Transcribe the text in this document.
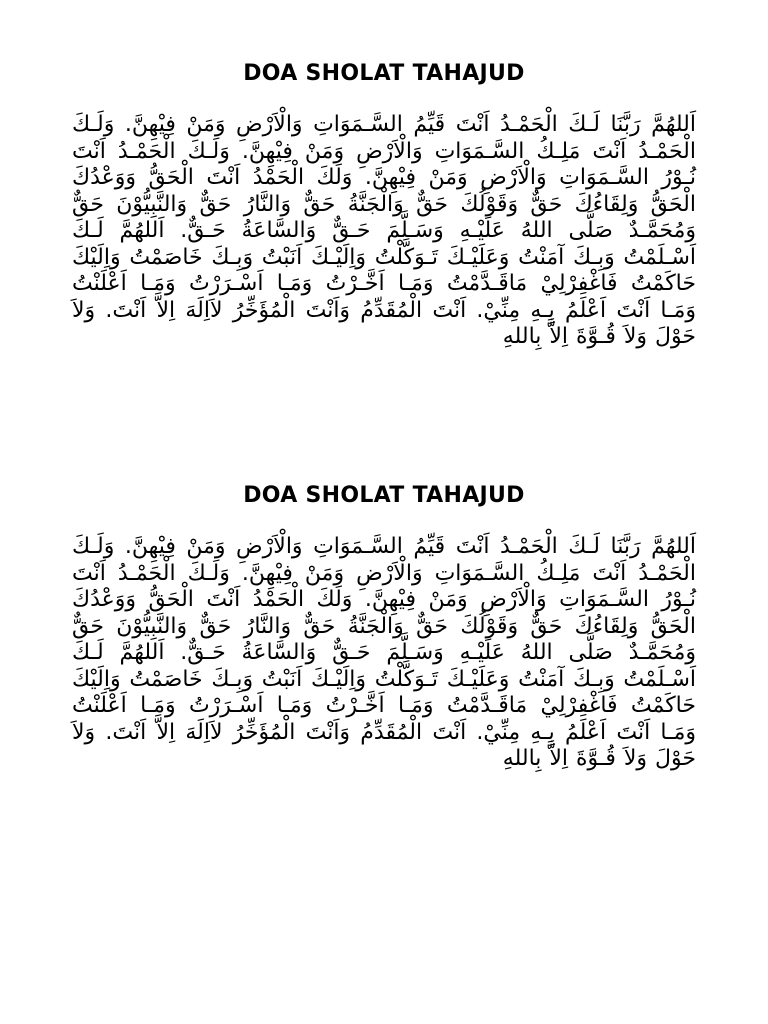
DOA SHOLAT TAHAJUD

اَللهُمَّ رَبَّنَا لَـكَ الْحَمْـدُ اَنْتَ قَيِّمُ السَّـمَوَاتِ وَالْاَرْضِ وَمَنْ فِيْهِنَّ. وَلَـكَ الْحَمْـدُ اَنْتَ مَلِـكُ السَّـمَوَاتِ وَالْاَرْضِ وَمَنْ فِيْهِنَّ. وَلَـكَ الْحَمْـدُ اَنْتَ نُـوْرُ السَّـمَوَاتِ وَالْاَرْضِ وَمَنْ فِيْهِنَّ. وَلَكَ الْحَمْدُ اَنْتَ الْحَقُّ وَوَعْدُكَ الْحَقُّ وَلِقَاءُكَ حَقٌّ وَقَوْلُكَ حَقٌّ وَالْجَنَّةُ حَقٌّ وَالنَّارُ حَقٌّ وَالنَّبِيُّوْنَ حَقٌّ وَمُحَمَّـدٌ صَلَّى اللهُ عَلَيْـهِ وَسَـلَّمَ حَـقٌّ وَالسَّاعَةُ حَـقٌّ. اَللهُمَّ لَـكَ اَسْـلَمْتُ وَبِـكَ آمَنْتُ وَعَلَيْـكَ تَـوَكَّلْتُ وَاِلَيْـكَ اَنَبْتُ وَبِـكَ خَاصَمْتُ وَاِلَيْكَ حَاكَمْتُ فَاغْفِرْلِيْ مَاقَـدَّمْتُ وَمَـا اَخَّـرْتُ وَمَـا اَسْـرَرْتُ وَمَـا اَعْلَنْتُ وَمَـا اَنْتَ اَعْلَمُ بِـهِ مِنِّيْ. اَنْتَ الْمُقَدِّمُ وَاَنْتَ الْمُؤَخِّرُ لاَاِلَهَ اِلاَّ اَنْتَ. وَلاَ حَوْلَ وَلاَ قُـوَّةَ اِلاَّ بِاللهِ

DOA SHOLAT TAHAJUD

اَللهُمَّ رَبَّنَا لَـكَ الْحَمْـدُ اَنْتَ قَيِّمُ السَّـمَوَاتِ وَالْاَرْضِ وَمَنْ فِيْهِنَّ. وَلَـكَ الْحَمْـدُ اَنْتَ مَلِـكُ السَّـمَوَاتِ وَالْاَرْضِ وَمَنْ فِيْهِنَّ. وَلَـكَ الْحَمْـدُ اَنْتَ نُـوْرُ السَّـمَوَاتِ وَالْاَرْضِ وَمَنْ فِيْهِنَّ. وَلَكَ الْحَمْدُ اَنْتَ الْحَقُّ وَوَعْدُكَ الْحَقُّ وَلِقَاءُكَ حَقٌّ وَقَوْلُكَ حَقٌّ وَالْجَنَّةُ حَقٌّ وَالنَّارُ حَقٌّ وَالنَّبِيُّوْنَ حَقٌّ وَمُحَمَّـدٌ صَلَّى اللهُ عَلَيْـهِ وَسَـلَّمَ حَـقٌّ وَالسَّاعَةُ حَـقٌّ. اَللهُمَّ لَـكَ اَسْـلَمْتُ وَبِـكَ آمَنْتُ وَعَلَيْـكَ تَـوَكَّلْتُ وَاِلَيْـكَ اَنَبْتُ وَبِـكَ خَاصَمْتُ وَاِلَيْكَ حَاكَمْتُ فَاغْفِرْلِيْ مَاقَـدَّمْتُ وَمَـا اَخَّـرْتُ وَمَـا اَسْـرَرْتُ وَمَـا اَعْلَنْتُ وَمَـا اَنْتَ اَعْلَمُ بِـهِ مِنِّيْ. اَنْتَ الْمُقَدِّمُ وَاَنْتَ الْمُؤَخِّرُ لاَاِلَهَ اِلاَّ اَنْتَ. وَلاَ حَوْلَ وَلاَ قُـوَّةَ اِلاَّ بِاللهِ
